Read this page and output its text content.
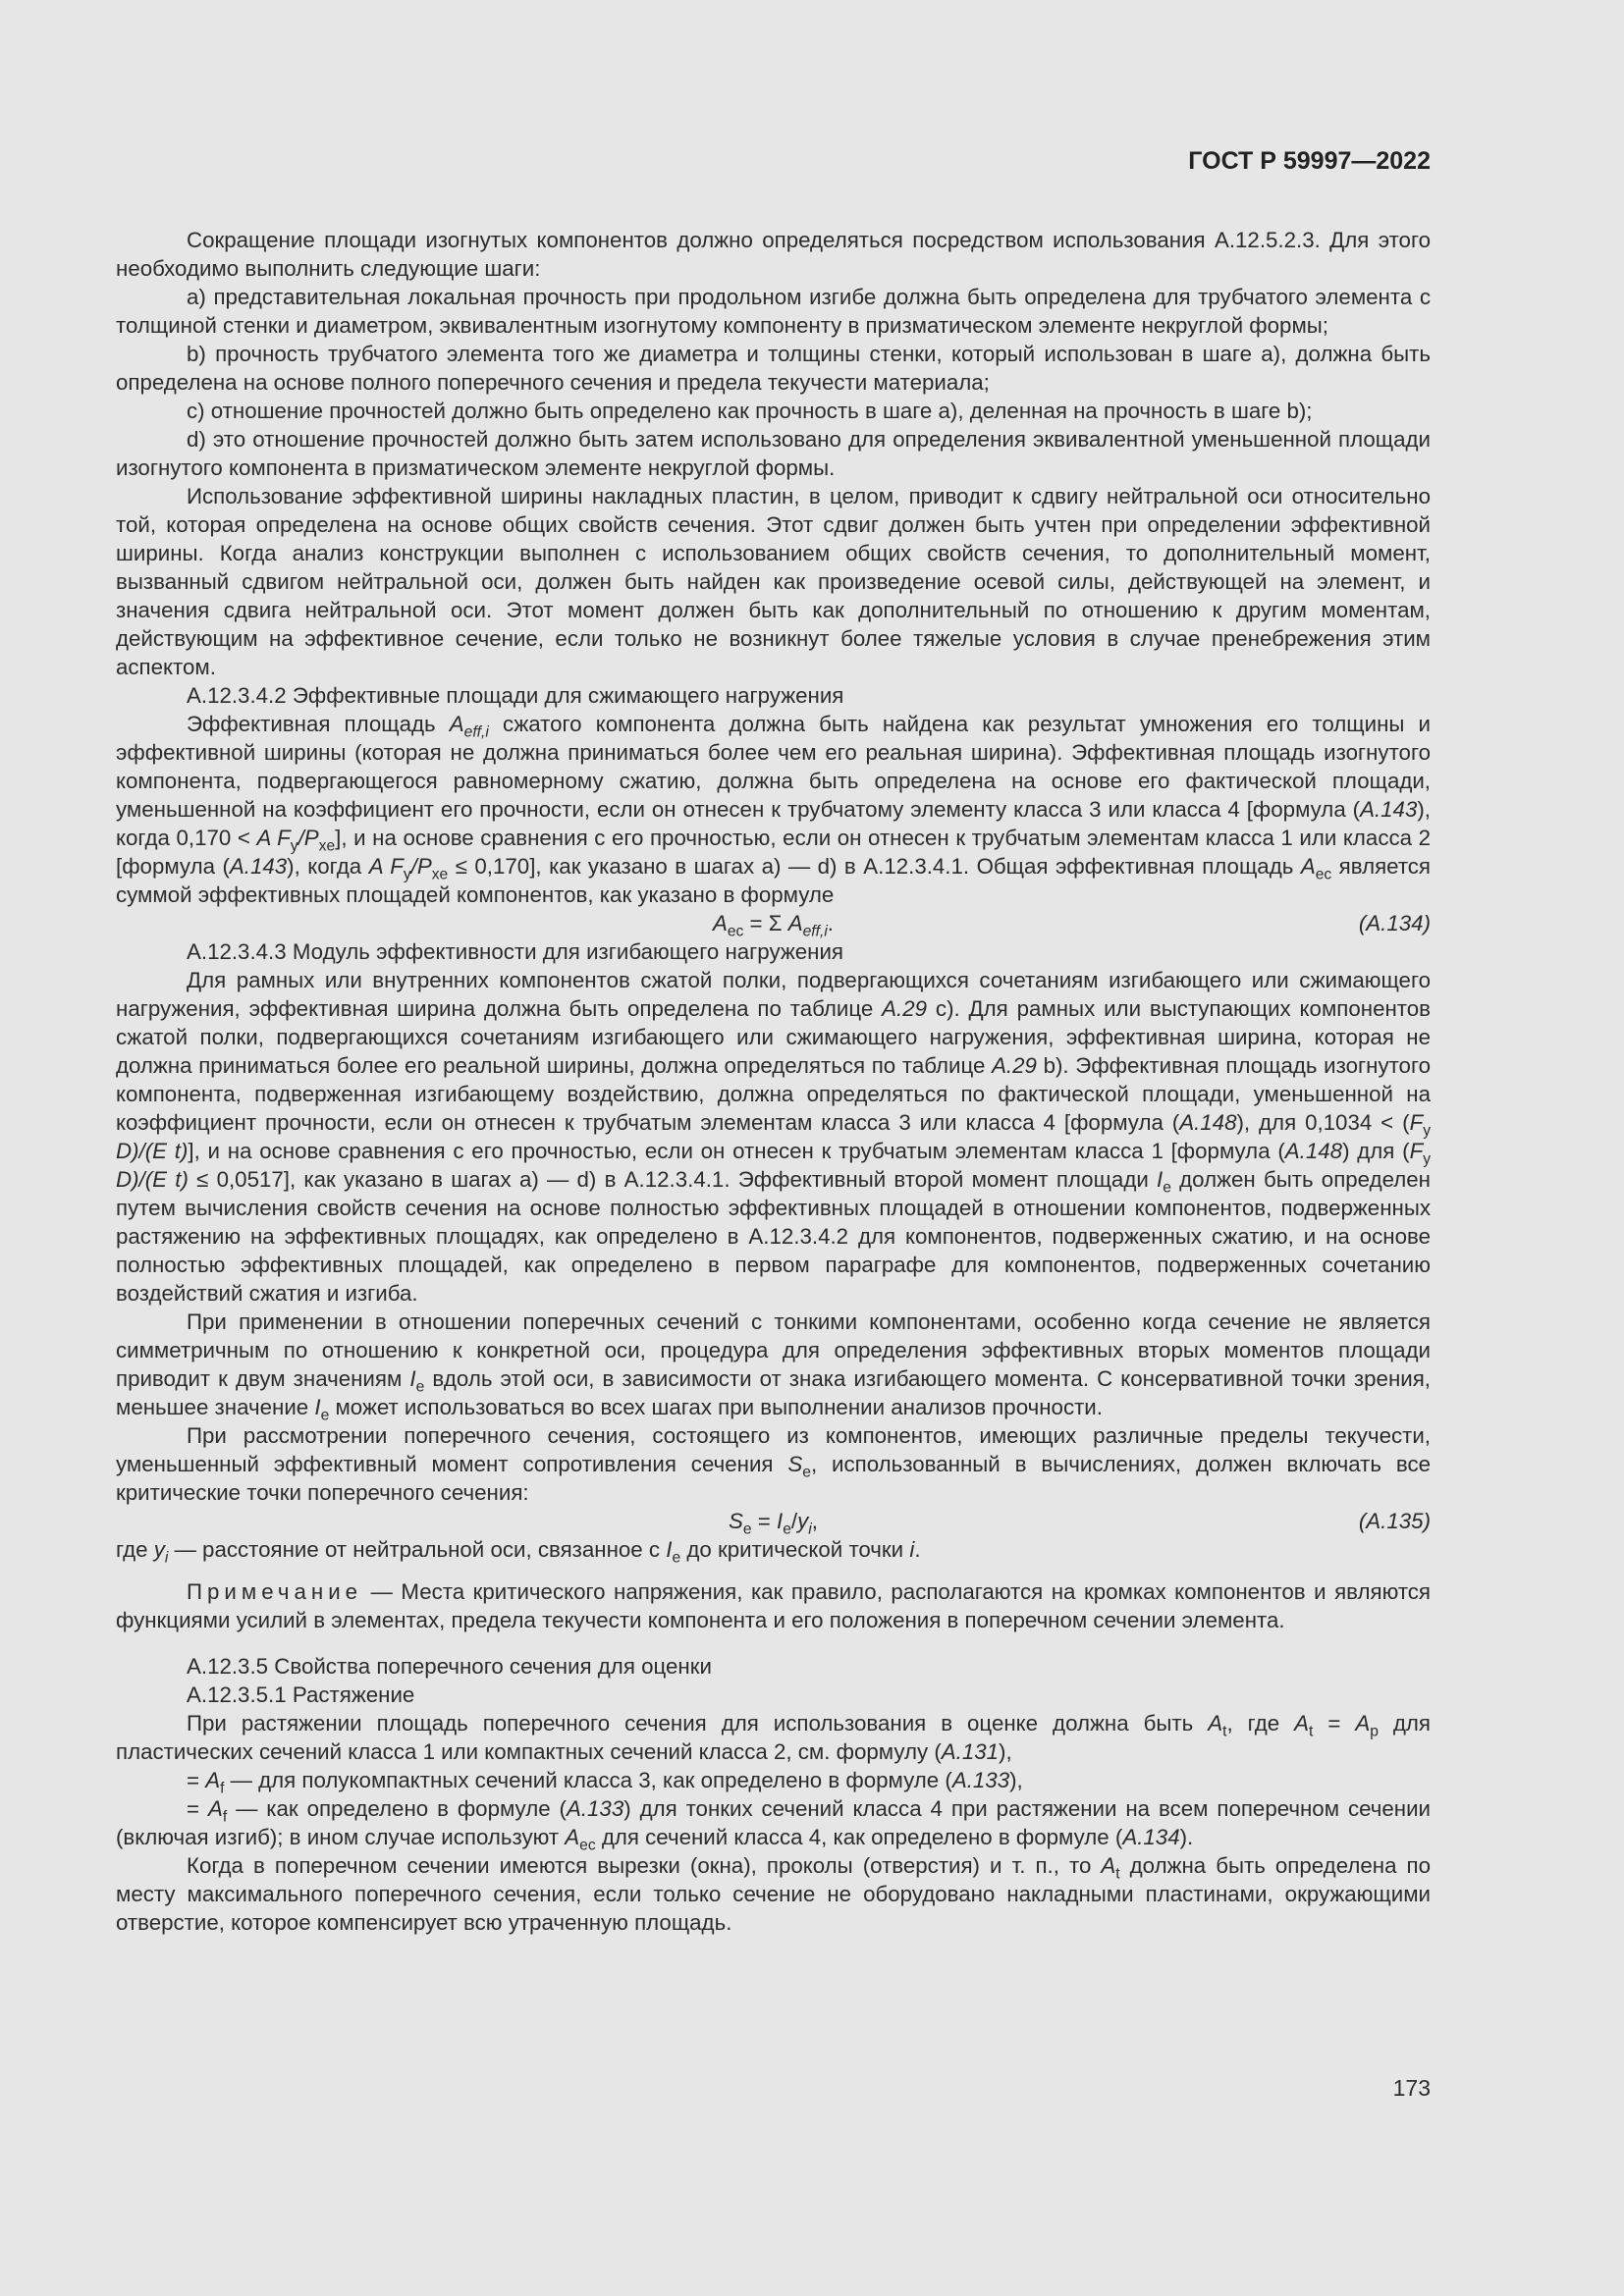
ГОСТ Р 59997—2022

Сокращение площади изогнутых компонентов должно определяться посредством использования А.12.5.2.3. Для этого необходимо выполнить следующие шаги:

a) представительная локальная прочность при продольном изгибе должна быть определена для трубчатого элемента с толщиной стенки и диаметром, эквивалентным изогнутому компоненту в призматическом элементе некруглой формы;

b) прочность трубчатого элемента того же диаметра и толщины стенки, который использован в шаге a), должна быть определена на основе полного поперечного сечения и предела текучести материала;

c) отношение прочностей должно быть определено как прочность в шаге a), деленная на прочность в шаге b);

d) это отношение прочностей должно быть затем использовано для определения эквивалентной уменьшенной площади изогнутого компонента в призматическом элементе некруглой формы.

Использование эффективной ширины накладных пластин, в целом, приводит к сдвигу нейтральной оси относительно той, которая определена на основе общих свойств сечения. Этот сдвиг должен быть учтен при определении эффективной ширины. Когда анализ конструкции выполнен с использованием общих свойств сечения, то дополнительный момент, вызванный сдвигом нейтральной оси, должен быть найден как произведение осевой силы, действующей на элемент, и значения сдвига нейтральной оси. Этот момент должен быть как дополнительный по отношению к другим моментам, действующим на эффективное сечение, если только не возникнут более тяжелые условия в случае пренебрежения этим аспектом.

А.12.3.4.2 Эффективные площади для сжимающего нагружения

Эффективная площадь $A_{eff,i}$ сжатого компонента должна быть найдена как результат умножения его толщины и эффективной ширины (которая не должна приниматься более чем его реальная ширина). Эффективная площадь изогнутого компонента, подвергающегося равномерному сжатию, должна быть определена на основе его фактической площади, уменьшенной на коэффициент его прочности, если он отнесен к трубчатому элементу класса 3 или класса 4 [формула (A.143), когда 0,170 < A $F_y/P_{xe}$], и на основе сравнения с его прочностью, если он отнесен к трубчатым элементам класса 1 или класса 2 [формула (A.143), когда A $F_y/P_{xe} \le 0,170$], как указано в шагах a) — d) в А.12.3.4.1. Общая эффективная площадь $A_{ec}$ является суммой эффективных площадей компонентов, как указано в формуле

$A_{ec} = \Sigma$ $A_{eff,i}$.	(A.134)

А.12.3.4.3 Модуль эффективности для изгибающего нагружения

Для рамных или внутренних компонентов сжатой полки, подвергающихся сочетаниям изгибающего или сжимающего нагружения, эффективная ширина должна быть определена по таблице A.29 c). Для рамных или выступающих компонентов сжатой полки, подвергающихся сочетаниям изгибающего или сжимающего нагружения, эффективная ширина, которая не должна приниматься более его реальной ширины, должна определяться по таблице A.29 b). Эффективная площадь изогнутого компонента, подверженная изгибающему воздействию, должна определяться по фактической площади, уменьшенной на коэффициент прочности, если он отнесен к трубчатым элементам класса 3 или класса 4 [формула (A.148), для $0,1034 < (F_y$ D)/(E t)], и на основе сравнения с его прочностью, если он отнесен к трубчатым элементам класса 1 [формула (A.148) для ($F_y$ D)/(E t) ≤ 0,0517], как указано в шагах a) — d) в А.12.3.4.1. Эффективный второй момент площади $I_e$ должен быть определен путем вычисления свойств сечения на основе полностью эффективных площадей в отношении компонентов, подверженных растяжению на эффективных площадях, как определено в А.12.3.4.2 для компонентов, подверженных сжатию, и на основе полностью эффективных площадей, как определено в первом параграфе для компонентов, подверженных сочетанию воздействий сжатия и изгиба.

При применении в отношении поперечных сечений с тонкими компонентами, особенно когда сечение не является симметричным по отношению к конкретной оси, процедура для определения эффективных вторых моментов площади приводит к двум значениям $I_e$ вдоль этой оси, в зависимости от знака изгибающего момента. С консервативной точки зрения, меньшее значение $I_e$ может использоваться во всех шагах при выполнении анализов прочности.

При рассмотрении поперечного сечения, состоящего из компонентов, имеющих различные пределы текучести, уменьшенный эффективный момент сопротивления сечения $S_e$, использованный в вычислениях, должен включать все критические точки поперечного сечения:

$S_e = I_e/y_i$,	(A.135)

где $y_i$ — расстояние от нейтральной оси, связанное с $I_e$ до критической точки i.

Примечание — Места критического напряжения, как правило, располагаются на кромках компонентов и являются функциями усилий в элементах, предела текучести компонента и его положения в поперечном сечении элемента.

А.12.3.5 Свойства поперечного сечения для оценки

А.12.3.5.1 Растяжение

При растяжении площадь поперечного сечения для использования в оценке должна быть $A_t$, где $A_t = A_p$ для пластических сечений класса 1 или компактных сечений класса 2, см. формулу (A.131),

= $A_f$ — для полукомпактных сечений класса 3, как определено в формуле (A.133),

= $A_f$ — как определено в формуле (A.133) для тонких сечений класса 4 при растяжении на всем поперечном сечении (включая изгиб); в ином случае используют $A_{ec}$ для сечений класса 4, как определено в формуле (A.134).

Когда в поперечном сечении имеются вырезки (окна), проколы (отверстия) и т. п., то $A_t$ должна быть определена по месту максимального поперечного сечения, если только сечение не оборудовано накладными пластинами, окружающими отверстие, которое компенсирует всю утраченную площадь.

173
